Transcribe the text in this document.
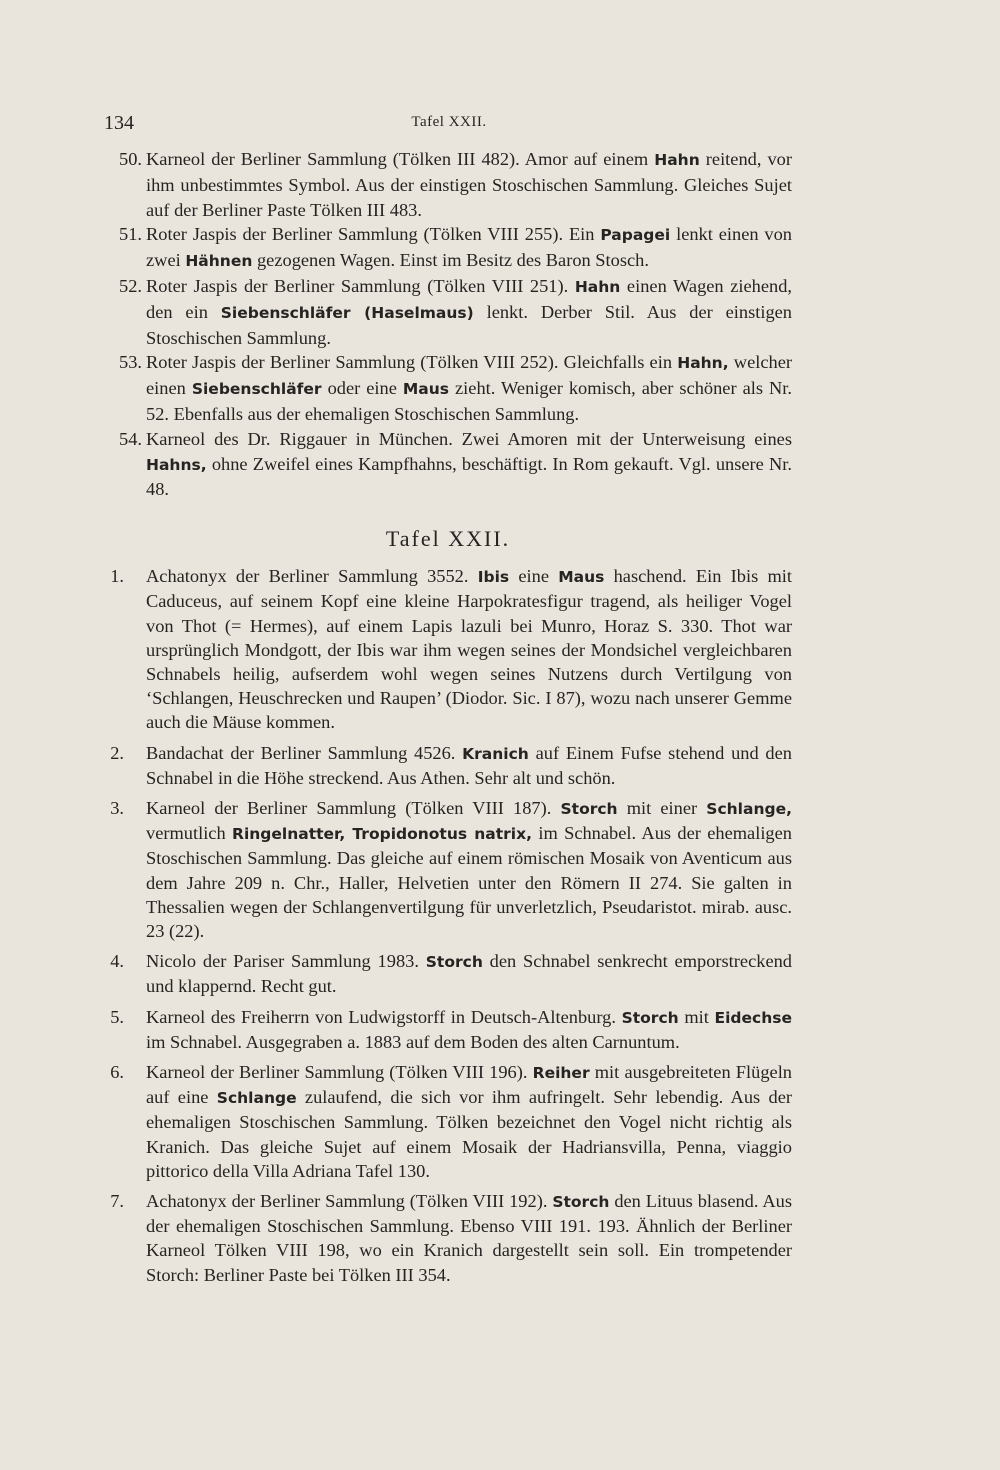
134	Tafel XXII.
50. Karneol der Berliner Sammlung (Tölken III 482). Amor auf einem Hahn reitend, vor ihm unbestimmtes Symbol. Aus der einstigen Stoschischen Sammlung. Gleiches Sujet auf der Berliner Paste Tölken III 483.
51. Roter Jaspis der Berliner Sammlung (Tölken VIII 255). Ein Papagei lenkt einen von zwei Hähnen gezogenen Wagen. Einst im Besitz des Baron Stosch.
52. Roter Jaspis der Berliner Sammlung (Tölken VIII 251). Hahn einen Wagen ziehend, den ein Siebenschläfer (Haselmaus) lenkt. Derber Stil. Aus der einstigen Stoschischen Sammlung.
53. Roter Jaspis der Berliner Sammlung (Tölken VIII 252). Gleichfalls ein Hahn, welcher einen Siebenschläfer oder eine Maus zieht. Weniger komisch, aber schöner als Nr. 52. Ebenfalls aus der ehemaligen Stoschischen Sammlung.
54. Karneol des Dr. Riggauer in München. Zwei Amoren mit der Unterweisung eines Hahns, ohne Zweifel eines Kampfhahns, beschäftigt. In Rom gekauft. Vgl. unsere Nr. 48.
Tafel XXII.
1. Achatonyx der Berliner Sammlung 3552. Ibis eine Maus haschend. Ein Ibis mit Caduceus, auf seinem Kopf eine kleine Harpokratesfigur tragend, als heiliger Vogel von Thot (= Hermes), auf einem Lapis lazuli bei Munro, Horaz S. 330. Thot war ursprünglich Mondgott, der Ibis war ihm wegen seines der Mondsichel vergleichbaren Schnabels heilig, aufserdem wohl wegen seines Nutzens durch Vertilgung von ‘Schlangen, Heuschrecken und Raupen’ (Diodor. Sic. I 87), wozu nach unserer Gemme auch die Mäuse kommen.
2. Bandachat der Berliner Sammlung 4526. Kranich auf Einem Fufse stehend und den Schnabel in die Höhe streckend. Aus Athen. Sehr alt und schön.
3. Karneol der Berliner Sammlung (Tölken VIII 187). Storch mit einer Schlange, vermutlich Ringelnatter, Tropidonotus natrix, im Schnabel. Aus der ehemaligen Stoschischen Sammlung. Das gleiche auf einem römischen Mosaik von Aventicum aus dem Jahre 209 n. Chr., Haller, Helvetien unter den Römern II 274. Sie galten in Thessalien wegen der Schlangenvertilgung für unverletzlich, Pseudaristot. mirab. ausc. 23 (22).
4. Nicolo der Pariser Sammlung 1983. Storch den Schnabel senkrecht emporstreckend und klappernd. Recht gut.
5. Karneol des Freiherrn von Ludwigstorff in Deutsch-Altenburg. Storch mit Eidechse im Schnabel. Ausgegraben a. 1883 auf dem Boden des alten Carnuntum.
6. Karneol der Berliner Sammlung (Tölken VIII 196). Reiher mit ausgebreiteten Flügeln auf eine Schlange zulaufend, die sich vor ihm aufringelt. Sehr lebendig. Aus der ehemaligen Stoschischen Sammlung. Tölken bezeichnet den Vogel nicht richtig als Kranich. Das gleiche Sujet auf einem Mosaik der Hadriansvilla, Penna, viaggio pittorico della Villa Adriana Tafel 130.
7. Achatonyx der Berliner Sammlung (Tölken VIII 192). Storch den Lituus blasend. Aus der ehemaligen Stoschischen Sammlung. Ebenso VIII 191. 193. Ähnlich der Berliner Karneol Tölken VIII 198, wo ein Kranich dargestellt sein soll. Ein trompetender Storch: Berliner Paste bei Tölken III 354.
